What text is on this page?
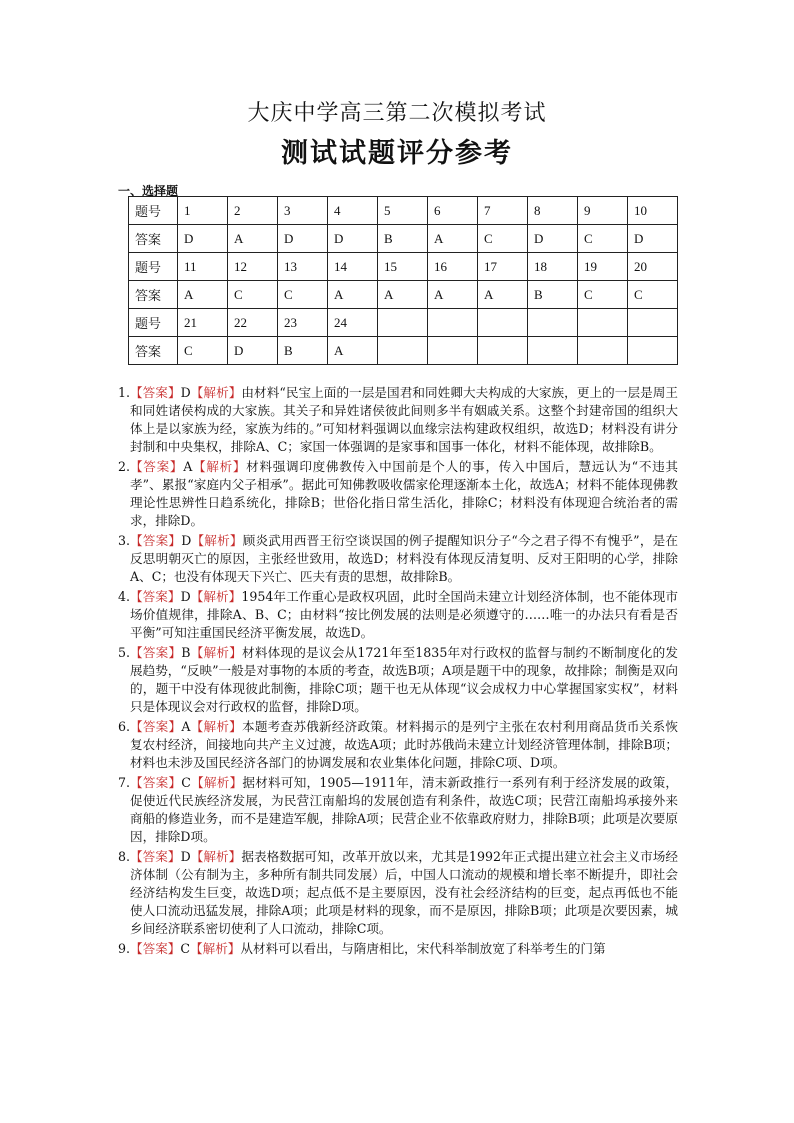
大庆中学高三第二次模拟考试
测试试题评分参考
一、选择题
题号	1	2	3	4	5	6	7	8	9	10
答案	D	A	D	D	B	A	C	D	C	D
题号	11	12	13	14	15	16	17	18	19	20
答案	A	C	C	A	A	A	A	B	C	C
题号	21	22	23	24						
答案	C	D	B	A						
1. 【答案】D【解析】由材料“民宝上面的一层是国君和同姓卿大夫构成的大家族，更上的一层是周王和同姓诸侯构成的大家族。其关子和异姓诸侯彼此间则多半有姻戚关系。这整个封建帝国的组织大体上是以家族为经，家族为纬的。”可知材料强调以血缘宗法构建政权组织，故选D；材料没有讲分封制和中央集权，排除A、C；家国一体强调的是家事和国事一体化，材料不能体现，故排除B。
2. 【答案】A【解析】材料强调印度佛教传入中国前是个人的事，传入中国后，慧远认为“不违其孝”、累报“家庭内父子相承”。据此可知佛教吸收儒家伦理逐渐本土化，故选A；材料不能体现佛教理论性思辨性日趋系统化，排除B；世俗化指日常生活化，排除C；材料没有体现迎合统治者的需求，排除D。
3. 【答案】D【解析】顾炎武用西晋王衍空谈误国的例子提醒知识分子“今之君子得不有愧乎”，是在反思明朝灭亡的原因，主张经世致用，故选D；材料没有体现反清复明、反对王阳明的心学，排除A、C；也没有体现天下兴亡、匹夫有责的思想，故排除B。
4. 【答案】D【解析】1954年工作重心是政权巩固，此时全国尚未建立计划经济体制，也不能体现市场价值规律，排除A、B、C；由材料“按比例发展的法则是必须遵守的……唯一的办法只有看是否平衡”可知注重国民经济平衡发展，故选D。
5. 【答案】B【解析】材料体现的是议会从1721年至1835年对行政权的监督与制约不断制度化的发展趋势，“反映”一般是对事物的本质的考查，故选B项；A项是题干中的现象，故排除；制衡是双向的，题干中没有体现彼此制衡，排除C项；题干也无从体现“议会成权力中心掌握国家实权”，材料只是体现议会对行政权的监督，排除D项。
6. 【答案】A【解析】本题考查苏俄新经济政策。材料揭示的是列宁主张在农村利用商品货币关系恢复农村经济，间接地向共产主义过渡，故选A项；此时苏俄尚未建立计划经济管理体制，排除B项；材料也未涉及国民经济各部门的协调发展和农业集体化问题，排除C项、D项。
7. 【答案】C【解析】据材料可知，1905—1911年，清末新政推行一系列有利于经济发展的政策，促使近代民族经济发展，为民营江南船坞的发展创造有利条件，故选C项；民营江南船坞承接外来商船的修造业务，而不是建造军舰，排除A项；民营企业不依靠政府财力，排除B项；此项是次要原因，排除D项。
8. 【答案】D【解析】据表格数据可知，改革开放以来，尤其是1992年正式提出建立社会主义市场经济体制（公有制为主，多种所有制共同发展）后，中国人口流动的规模和增长率不断提升，即社会经济结构发生巨变，故选D项；起点低不是主要原因，没有社会经济结构的巨变，起点再低也不能使人口流动迅猛发展，排除A项；此项是材料的现象，而不是原因，排除B项；此项是次要因素，城乡间经济联系密切使利了人口流动，排除C项。
9. 【答案】C【解析】从材料可以看出，与隋唐相比，宋代科举制放宽了科举考生的门第
